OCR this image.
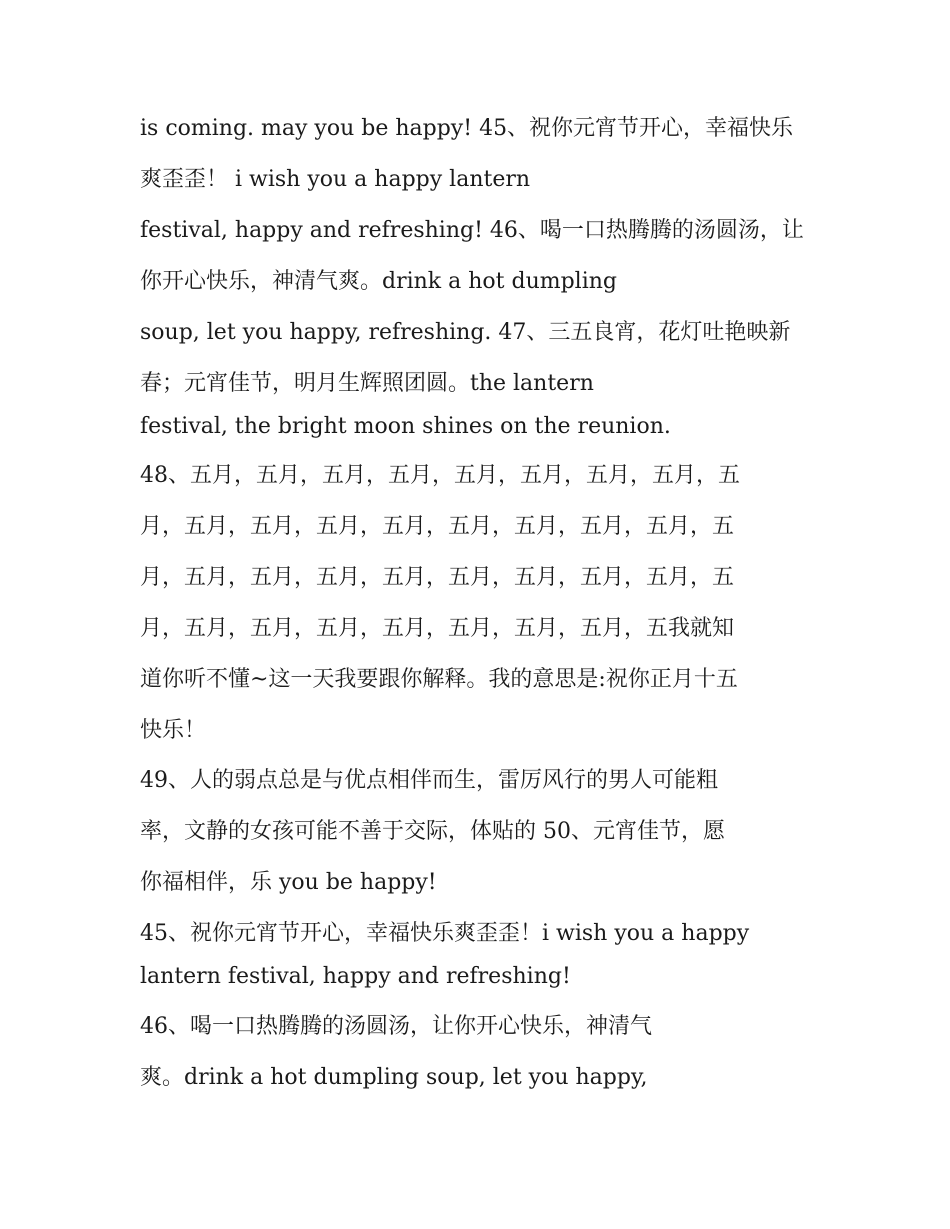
is coming. may you be happy! 45、祝你元宵节开心，幸福快乐
爽歪歪！ i wish you a happy lantern
festival, happy and refreshing! 46、喝一口热腾腾的汤圆汤，让
你开心快乐，神清气爽。drink a hot dumpling
soup, let you happy, refreshing. 47、三五良宵，花灯吐艳映新
春；元宵佳节，明月生辉照团圆。the lantern
festival, the bright moon shines on the reunion.
48、五月，五月，五月，五月，五月，五月，五月，五月，五
月，五月，五月，五月，五月，五月，五月，五月，五月，五
月，五月，五月，五月，五月，五月，五月，五月，五月，五
月，五月，五月，五月，五月，五月，五月，五月，五我就知
道你听不懂~这一天我要跟你解释。我的意思是:祝你正月十五
快乐！
49、人的弱点总是与优点相伴而生，雷厉风行的男人可能粗
率，文静的女孩可能不善于交际，体贴的 50、元宵佳节，愿
你福相伴，乐 you be happy!
45、祝你元宵节开心，幸福快乐爽歪歪！i wish you a happy
lantern festival, happy and refreshing!
46、喝一口热腾腾的汤圆汤，让你开心快乐，神清气
爽。drink a hot dumpling soup, let you happy,
